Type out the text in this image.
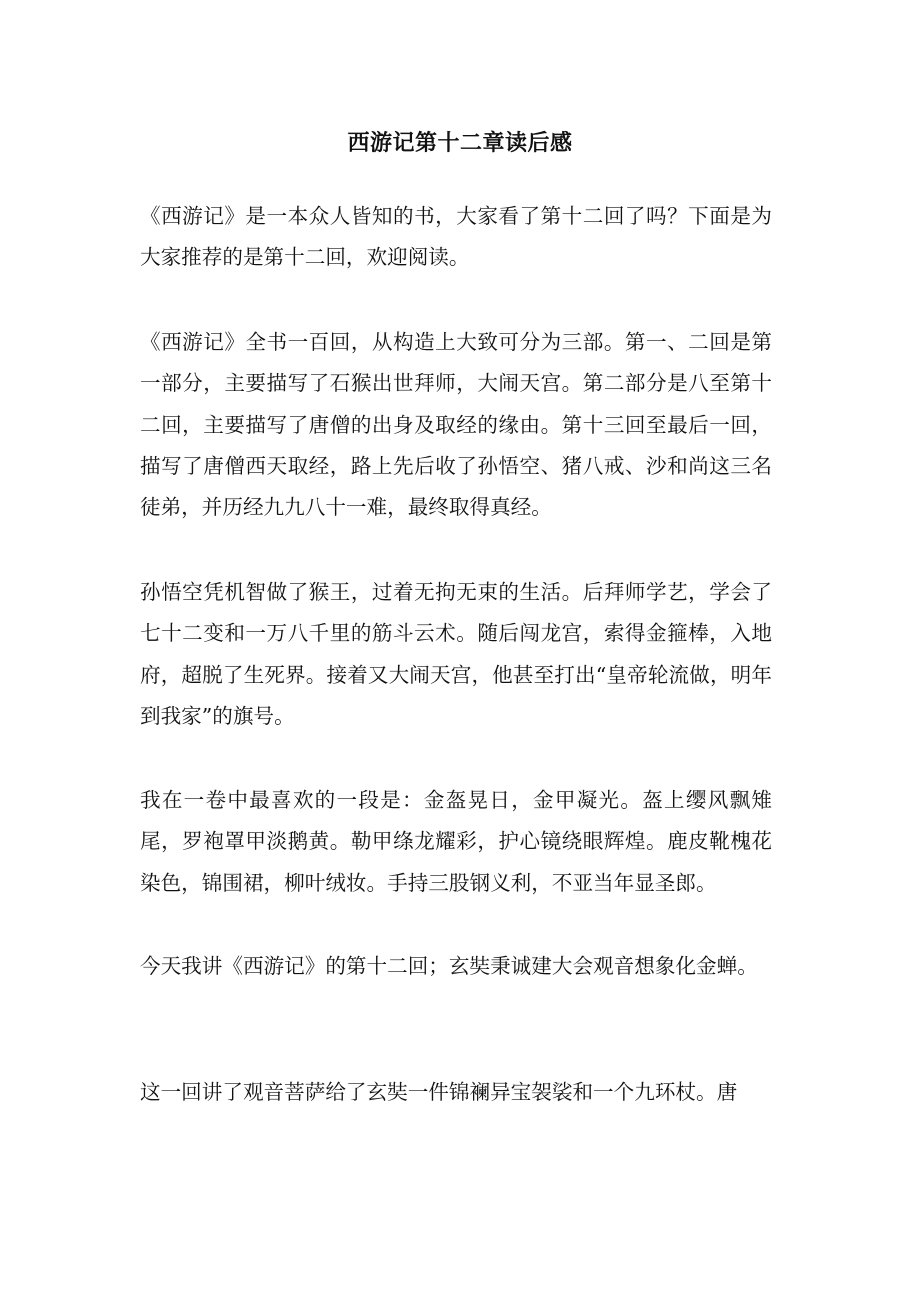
西游记第十二章读后感

《西游记》是一本众人皆知的书，大家看了第十二回了吗？下面是为大家推荐的是第十二回，欢迎阅读。

《西游记》全书一百回，从构造上大致可分为三部。第一、二回是第一部分，主要描写了石猴出世拜师，大闹天宫。第二部分是八至第十二回，主要描写了唐僧的出身及取经的缘由。第十三回至最后一回，描写了唐僧西天取经，路上先后收了孙悟空、猪八戒、沙和尚这三名徒弟，并历经九九八十一难，最终取得真经。

孙悟空凭机智做了猴王，过着无拘无束的生活。后拜师学艺，学会了七十二变和一万八千里的筋斗云术。随后闯龙宫，索得金箍棒，入地府，超脱了生死界。接着又大闹天宫，他甚至打出“皇帝轮流做，明年到我家”的旗号。

我在一卷中最喜欢的一段是：金盔晃日，金甲凝光。盔上缨风飘雉尾，罗袍罩甲淡鹅黄。勒甲绦龙耀彩，护心镜绕眼辉煌。鹿皮靴槐花染色，锦围裙，柳叶绒妆。手持三股钢义利，不亚当年显圣郎。

今天我讲《西游记》的第十二回；玄奘秉诚建大会观音想象化金蝉。

这一回讲了观音菩萨给了玄奘一件锦襕异宝袈裟和一个九环杖。唐
